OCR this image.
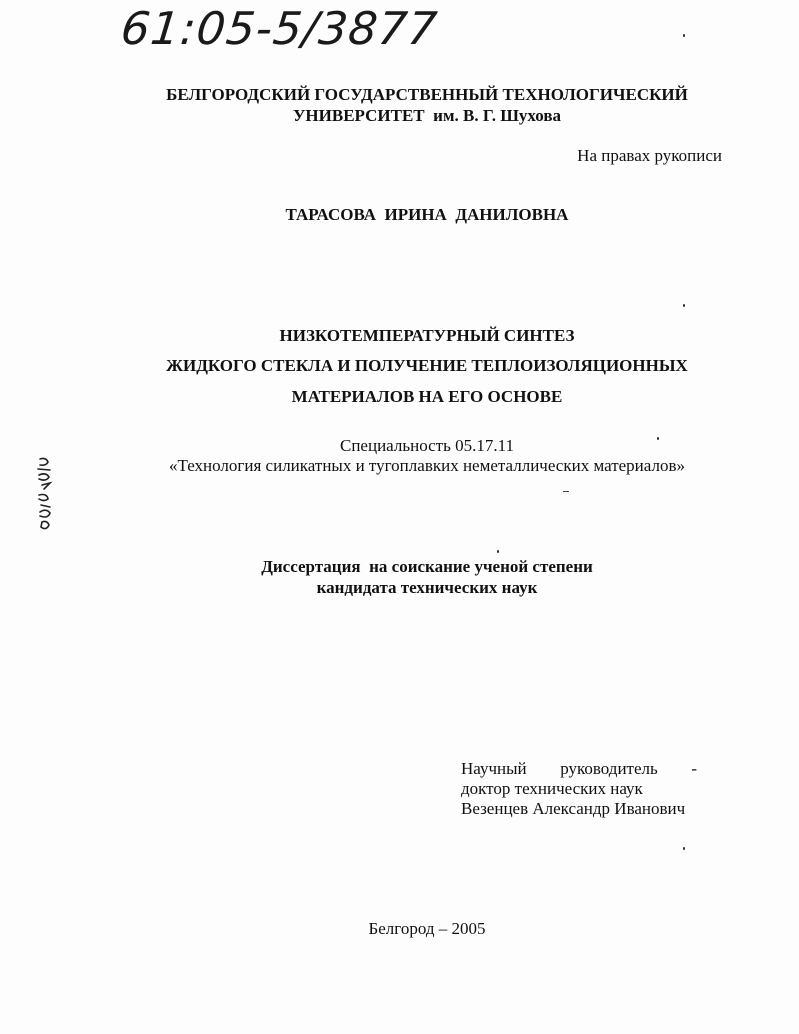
61:05-5/3877
БЕЛГОРОДСКИЙ ГОСУДАРСТВЕННЫЙ ТЕХНОЛОГИЧЕСКИЙ
УНИВЕРСИТЕТ  им. В. Г. Шухова
На правах рукописи
ТАРАСОВА  ИРИНА  ДАНИЛОВНА
НИЗКОТЕМПЕРАТУРНЫЙ СИНТЕЗ
ЖИДКОГО СТЕКЛА И ПОЛУЧЕНИЕ ТЕПЛОИЗОЛЯЦИОННЫХ
МАТЕРИАЛОВ НА ЕГО ОСНОВЕ
Специальность 05.17.11
«Технология силикатных и тугоплавких неметаллических материалов»
Диссертация  на соискание ученой степени
кандидата технических наук
Научный руководитель -
доктор технических наук
Везенцев Александр Иванович
Белгород – 2005
